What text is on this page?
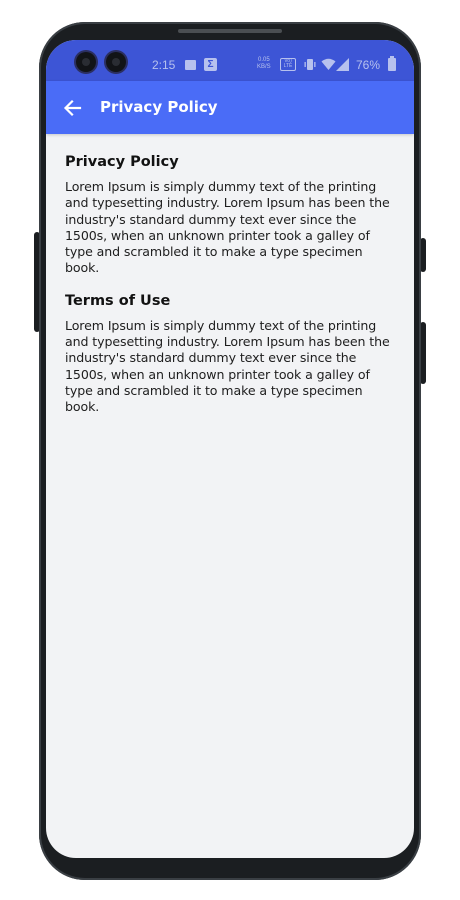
2:15	Σ	0.05
KB/S
Vo) LTE	76%
Privacy Policy
Privacy Policy

Lorem Ipsum is simply dummy text of the printing and typesetting industry. Lorem Ipsum has been the industry's standard dummy text ever since the 1500s, when an unknown printer took a galley of type and scrambled it to make a type specimen book.

Terms of Use

Lorem Ipsum is simply dummy text of the printing and typesetting industry. Lorem Ipsum has been the industry's standard dummy text ever since the 1500s, when an unknown printer took a galley of type and scrambled it to make a type specimen book.
